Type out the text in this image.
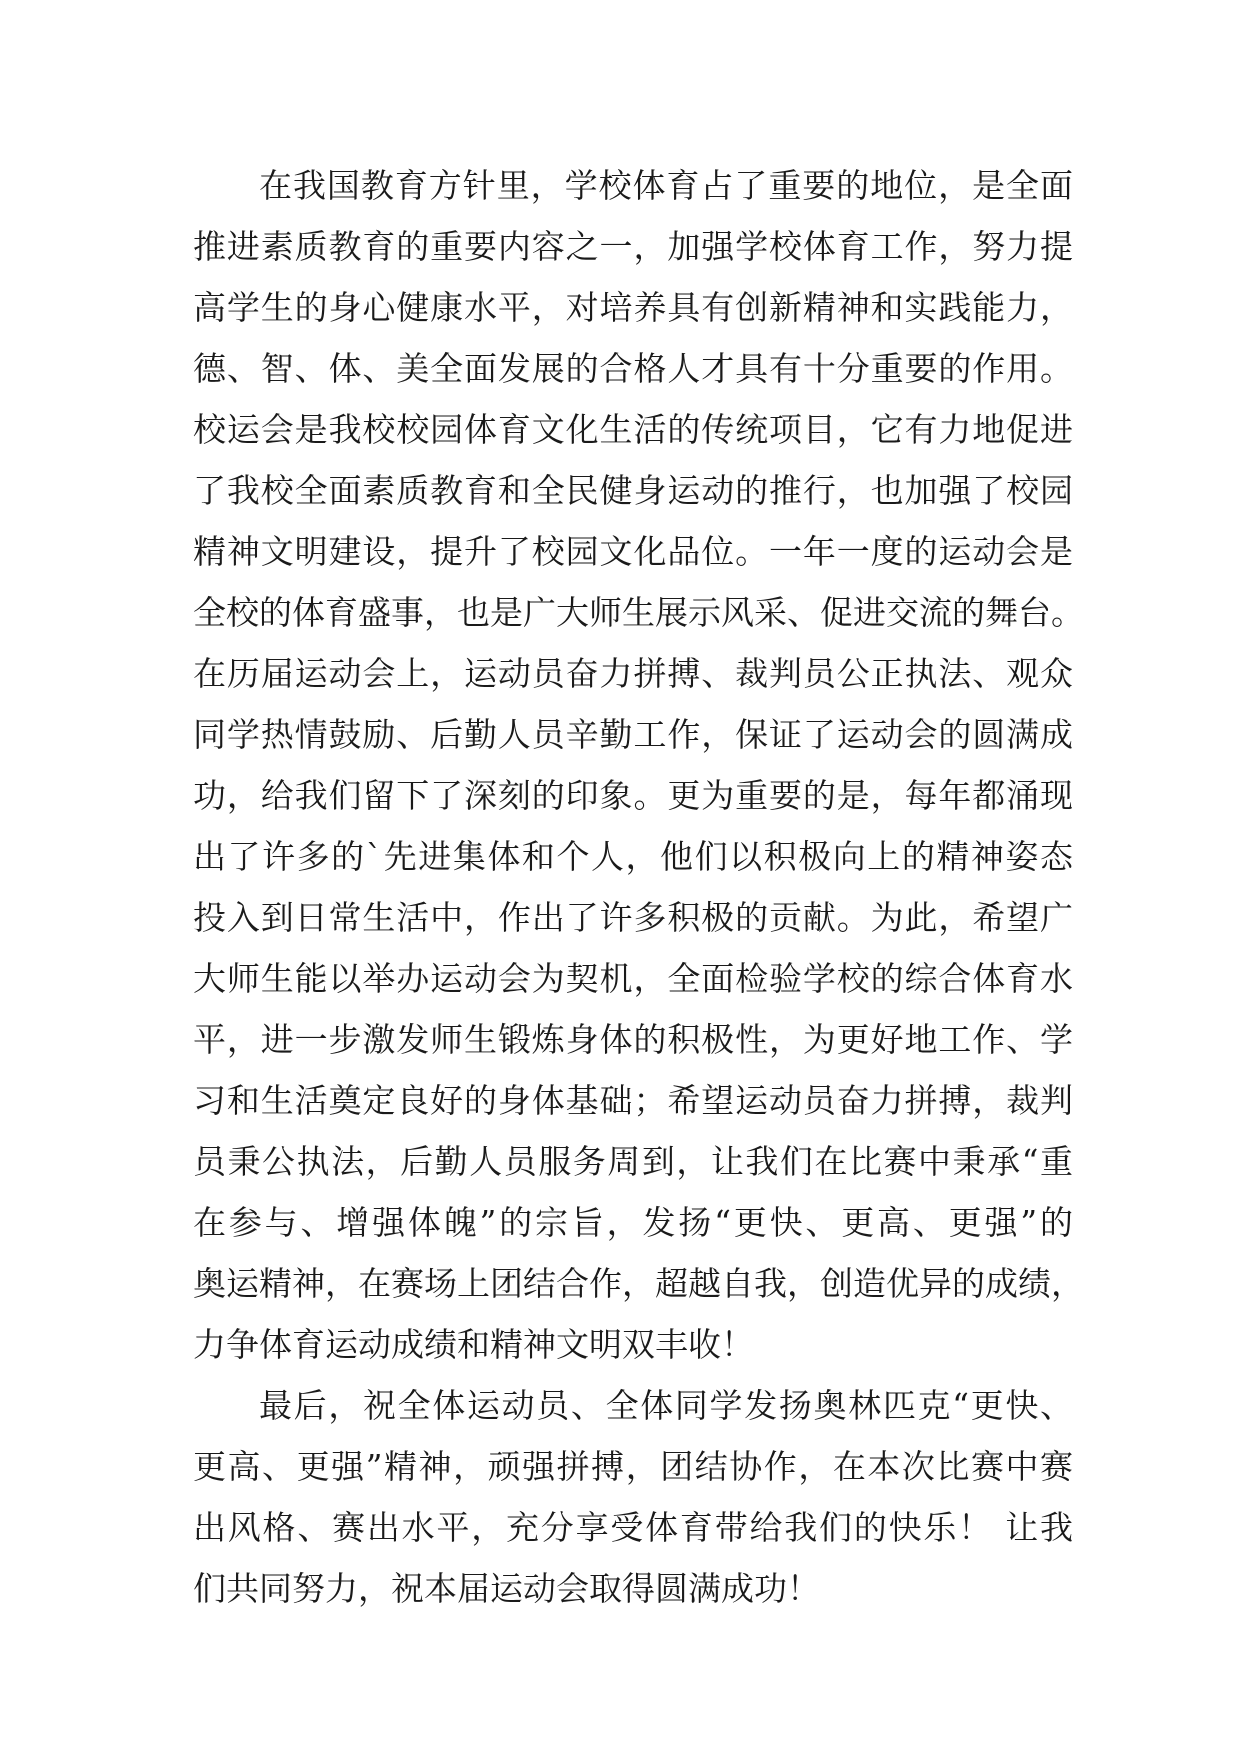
在我国教育方针里，学校体育占了重要的地位，是全面
推进素质教育的重要内容之一，加强学校体育工作，努力提
高学生的身心健康水平，对培养具有创新精神和实践能力，
德、智、体、美全面发展的合格人才具有十分重要的作用。
校运会是我校校园体育文化生活的传统项目，它有力地促进
了我校全面素质教育和全民健身运动的推行，也加强了校园
精神文明建设，提升了校园文化品位。一年一度的运动会是
全校的体育盛事，也是广大师生展示风采、促进交流的舞台。
在历届运动会上，运动员奋力拼搏、裁判员公正执法、观众
同学热情鼓励、后勤人员辛勤工作，保证了运动会的圆满成
功，给我们留下了深刻的印象。更为重要的是，每年都涌现
出了许多的`先进集体和个人，他们以积极向上的精神姿态
投入到日常生活中，作出了许多积极的贡献。为此，希望广
大师生能以举办运动会为契机，全面检验学校的综合体育水
平，进一步激发师生锻炼身体的积极性，为更好地工作、学
习和生活奠定良好的身体基础；希望运动员奋力拼搏，裁判
员秉公执法，后勤人员服务周到，让我们在比赛中秉承“重
在参与、增强体魄”的宗旨，发扬“更快、更高、更强”的
奥运精神，在赛场上团结合作，超越自我，创造优异的成绩，
力争体育运动成绩和精神文明双丰收！
最后，祝全体运动员、全体同学发扬奥林匹克“更快、
更高、更强”精神，顽强拼搏，团结协作，在本次比赛中赛
出风格、赛出水平，充分享受体育带给我们的快乐！ 让我
们共同努力，祝本届运动会取得圆满成功！
